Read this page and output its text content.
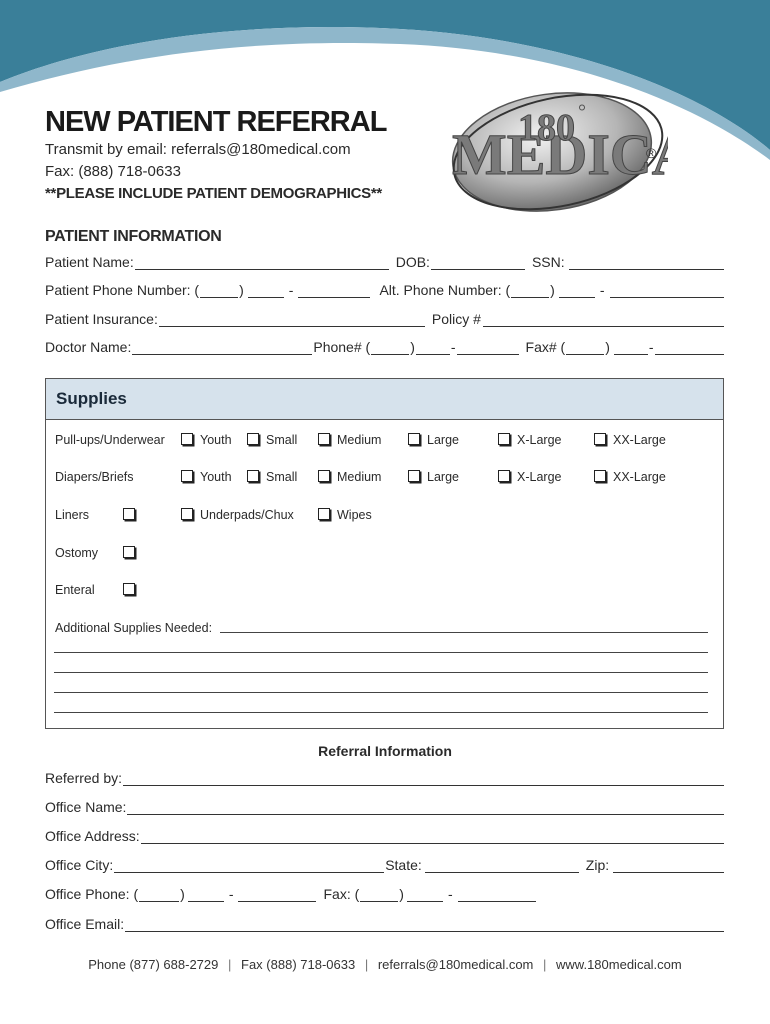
NEW PATIENT REFERRAL
Transmit by email: referrals@180medical.com
Fax: (888) 718-0633
**PLEASE INCLUDE PATIENT DEMOGRAPHICS**
MEDIC
180 °
®
PATIENT INFORMATION
Patient Name:	DOB:	SSN:
Patient Phone Number: (	)	-	Alt. Phone Number: (	)	-
Patient Insurance:	Policy #
Doctor Name:	Phone# (	)	-	Fax# (	)	-
Supplies
Pull-ups/Underwear	Youth	Small	Medium	Large	X-Large	XX-Large
Diapers/Briefs	Youth	Small	Medium	Large	X-Large	XX-Large
Liners	Underpads/Chux	Wipes
Ostomy
Enteral
Additional Supplies Needed:
Referral Information
Referred by:
Office Name:
Office Address:
Office City:	State:	Zip:
Office Phone: (	)	-	Fax: (	)	-
Office Email:
Phone (877) 688-2729 | Fax (888) 718-0633 | referrals@180medical.com | www.180medical.com
